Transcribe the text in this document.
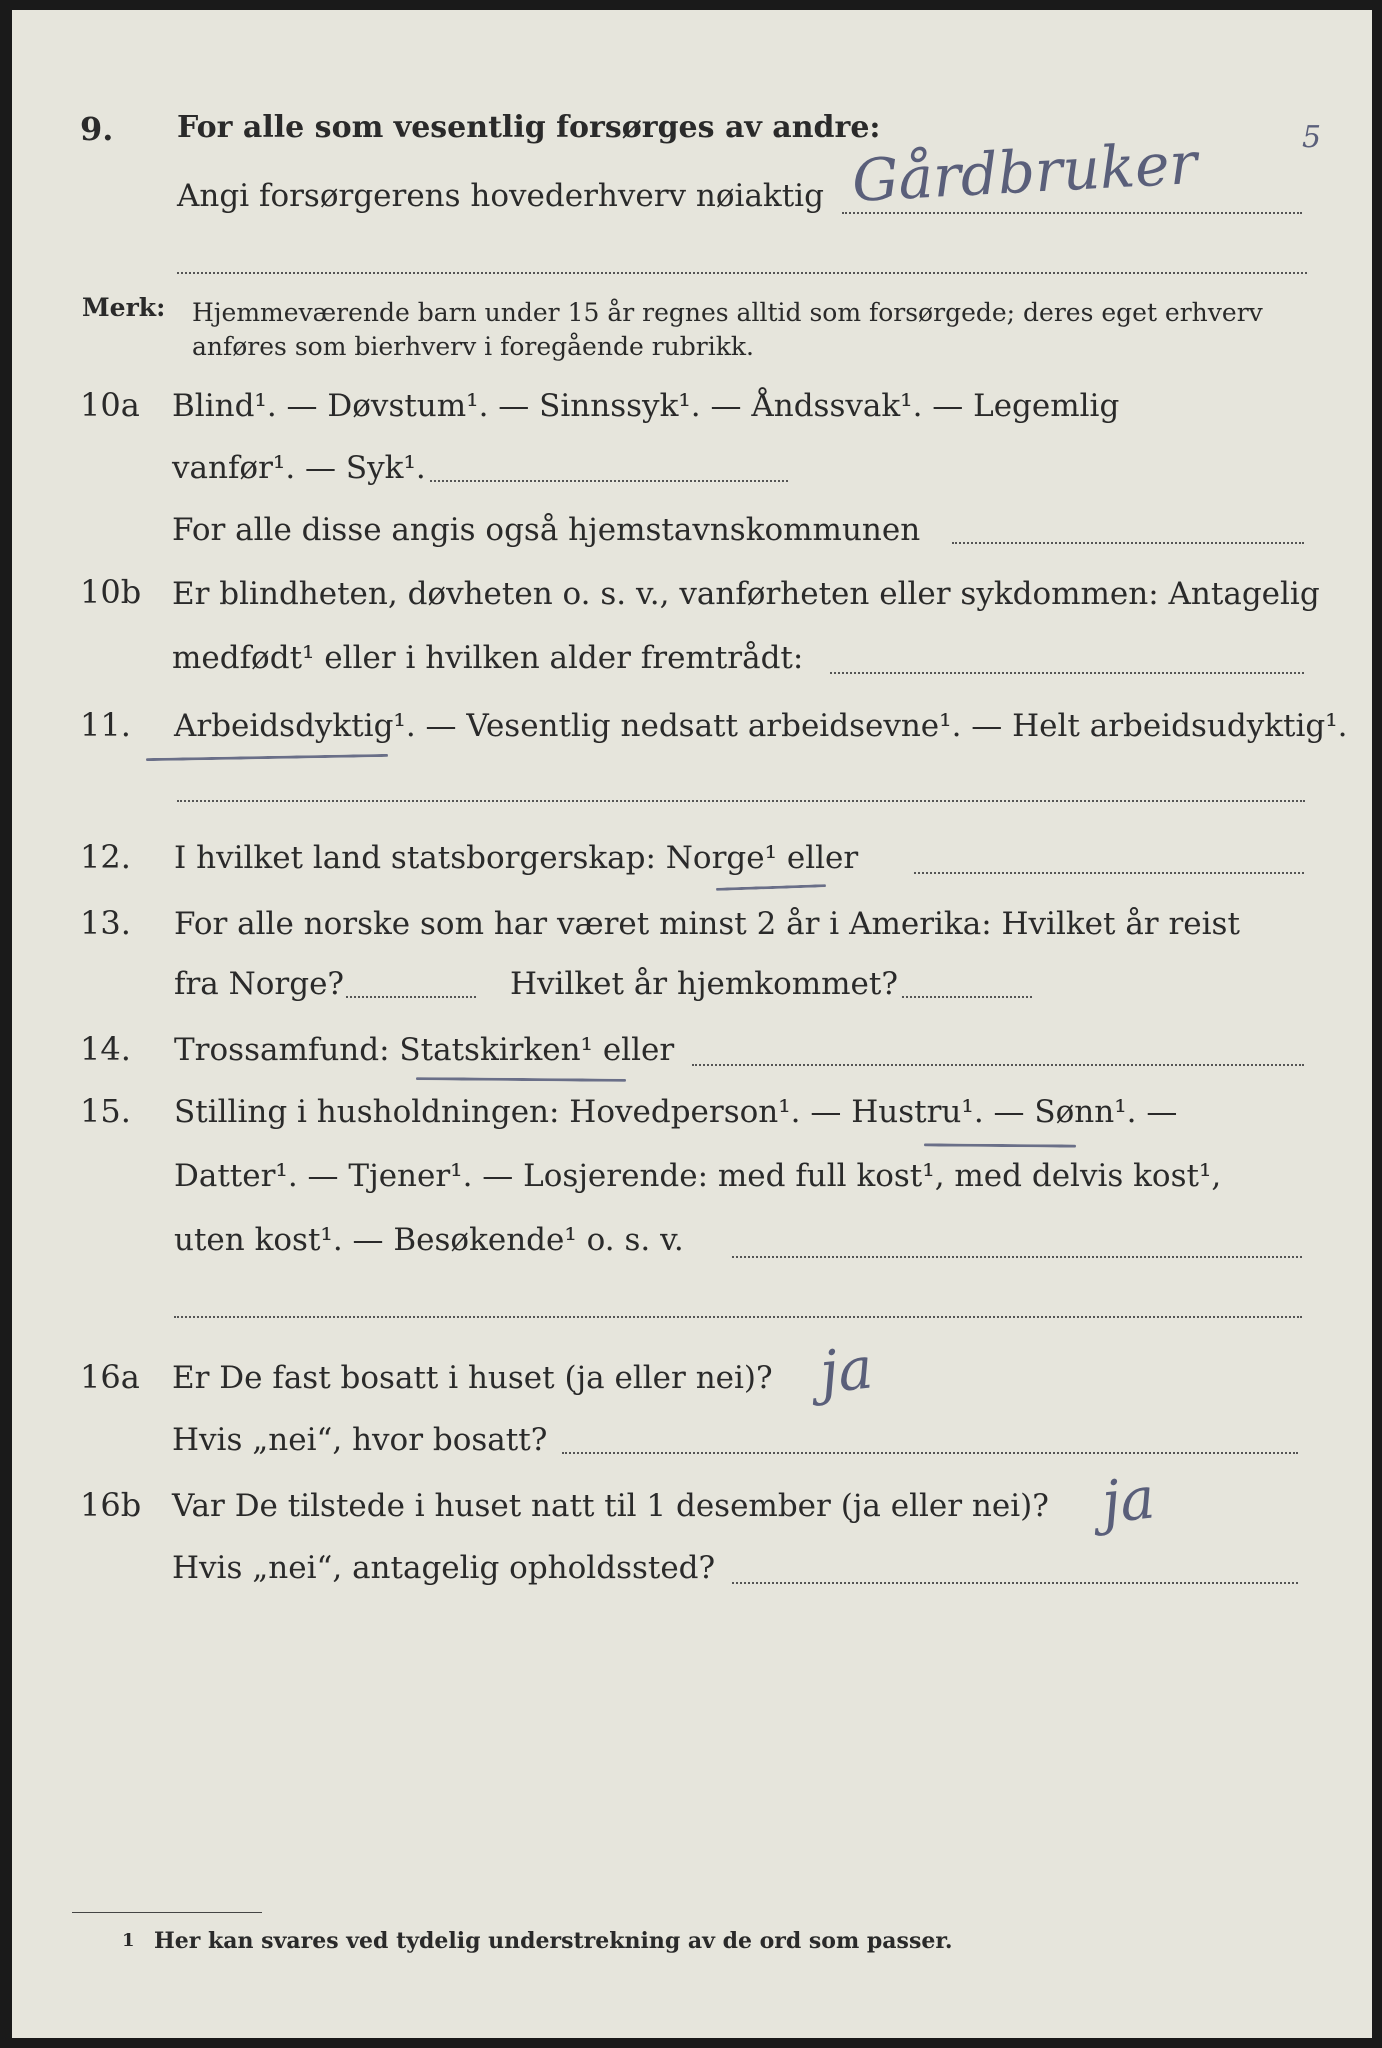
9. For alle som vesentlig forsørges av andre:
Angi forsørgerens hovederhverv nøiaktig Gårdbruker	5
Merk: Hjemmeværende barn under 15 år regnes alltid som forsørgede; deres eget erhverv
anføres som bierhverv i foregående rubrikk.
10a Blind¹. — Døvstum¹. — Sinnssyk¹. — Åndssvak¹. — Legemlig
vanfør¹. — Syk¹.
For alle disse angis også hjemstavnskommunen
10b Er blindheten, døvheten o. s. v., vanførheten eller sykdommen: Antagelig
medfødt¹ eller i hvilken alder fremtrådt:
11. Arbeidsdyktig¹. — Vesentlig nedsatt arbeidsevne¹. — Helt arbeidsudyktig¹.
12. I hvilket land statsborgerskap: Norge¹ eller
13. For alle norske som har været minst 2 år i Amerika: Hvilket år reist
fra Norge?	Hvilket år hjemkommet?
14. Trossamfund: Statskirken¹ eller
15. Stilling i husholdningen: Hovedperson¹. — Hustru¹. — Sønn¹. —
Datter¹. — Tjener¹. — Losjerende: med full kost¹, med delvis kost¹,
uten kost¹. — Besøkende¹ o. s. v.
16a Er De fast bosatt i huset (ja eller nei)? ja
Hvis „nei“, hvor bosatt?
16b Var De tilstede i huset natt til 1 desember (ja eller nei)? ja
Hvis „nei“, antagelig opholdssted?
1 Her kan svares ved tydelig understrekning av de ord som passer.
